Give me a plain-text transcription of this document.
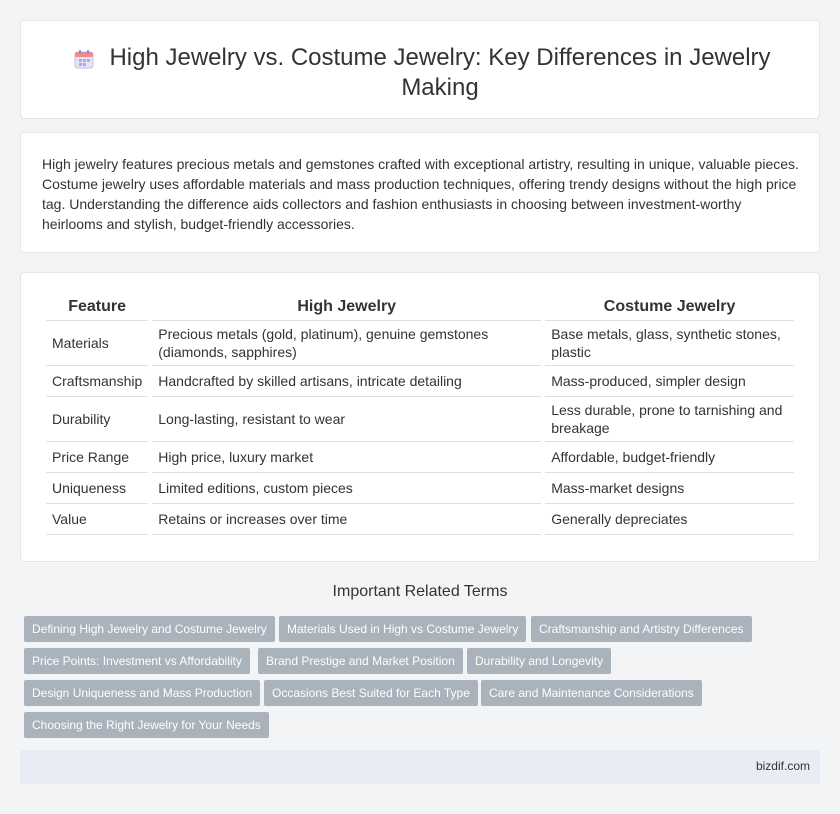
High Jewelry vs. Costume Jewelry: Key Differences in Jewelry Making

High jewelry features precious metals and gemstones crafted with exceptional artistry, resulting in unique, valuable pieces. Costume jewelry uses affordable materials and mass production techniques, offering trendy designs without the high price tag. Understanding the difference aids collectors and fashion enthusiasts in choosing between investment-worthy heirlooms and stylish, budget-friendly accessories.

Feature	High Jewelry	Costume Jewelry
Materials	Precious metals (gold, platinum), genuine gemstones (diamonds, sapphires)	Base metals, glass, synthetic stones, plastic
Craftsmanship	Handcrafted by skilled artisans, intricate detailing	Mass-produced, simpler design
Durability	Long-lasting, resistant to wear	Less durable, prone to tarnishing and breakage
Price Range	High price, luxury market	Affordable, budget-friendly
Uniqueness	Limited editions, custom pieces	Mass-market designs
Value	Retains or increases over time	Generally depreciates
Important Related Terms
Defining High Jewelry and Costume Jewelry	Materials Used in High vs Costume Jewelry	Craftsmanship and Artistry Differences
Price Points: Investment vs Affordability	Brand Prestige and Market Position	Durability and Longevity
Design Uniqueness and Mass Production	Occasions Best Suited for Each Type	Care and Maintenance Considerations
Choosing the Right Jewelry for Your Needs
bizdif.com
